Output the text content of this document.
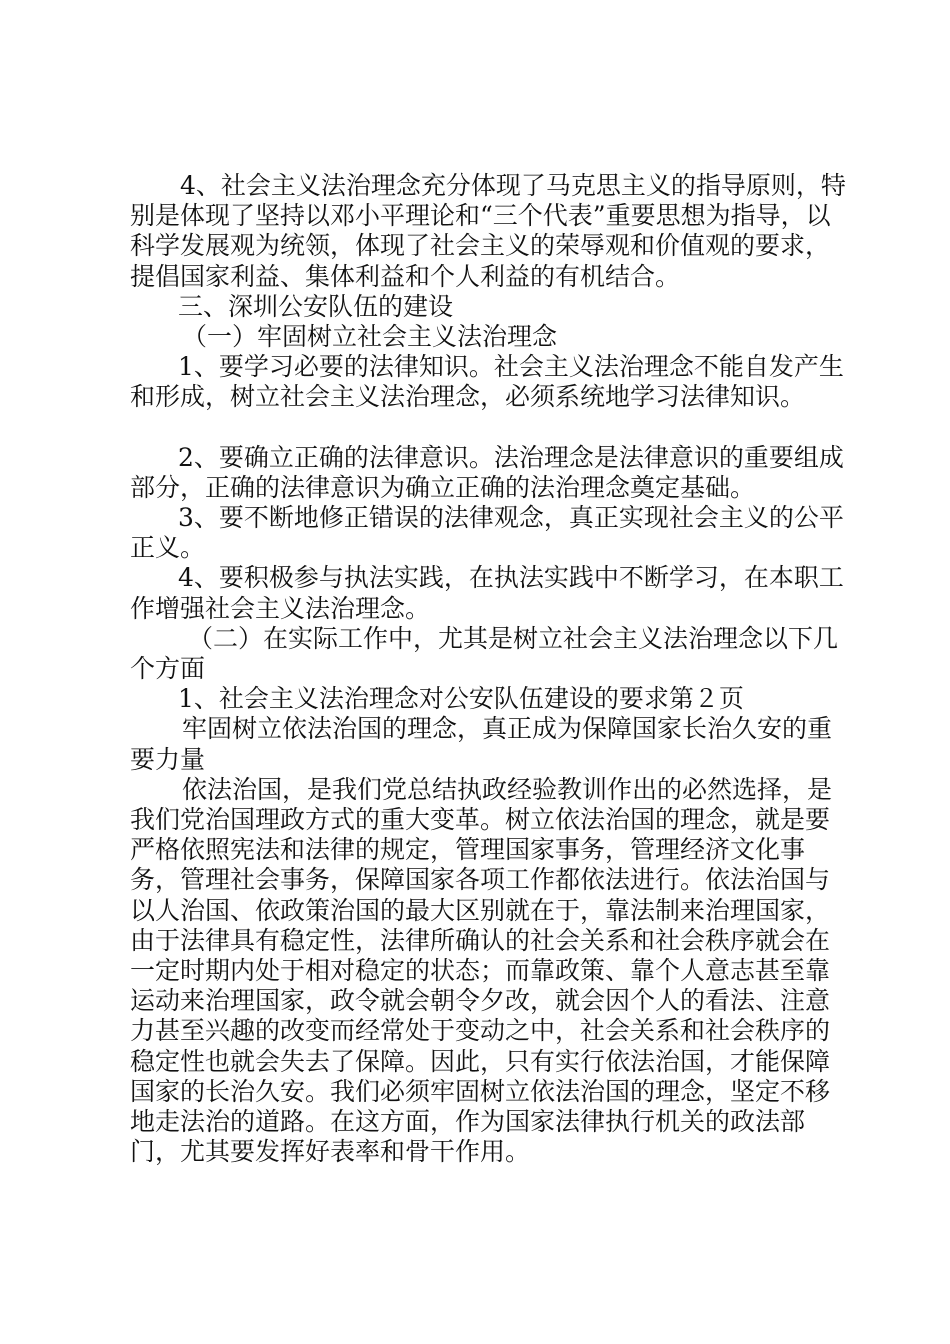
4、社会主义法治理念充分体现了马克思主义的指导原则，特别是体现了坚持以邓小平理论和“三个代表”重要思想为指导，以科学发展观为统领，体现了社会主义的荣辱观和价值观的要求，提倡国家利益、集体利益和个人利益的有机结合。

三、深圳公安队伍的建设

（一）牢固树立社会主义法治理念

1、要学习必要的法律知识。社会主义法治理念不能自发产生和形成，树立社会主义法治理念，必须系统地学习法律知识。

2、要确立正确的法律意识。法治理念是法律意识的重要组成部分，正确的法律意识为确立正确的法治理念奠定基础。

3、要不断地修正错误的法律观念，真正实现社会主义的公平正义。

4、要积极参与执法实践，在执法实践中不断学习，在本职工作增强社会主义法治理念。

（二）在实际工作中，尤其是树立社会主义法治理念以下几个方面

1、社会主义法治理念对公安队伍建设的要求第２页

牢固树立依法治国的理念，真正成为保障国家长治久安的重要力量

依法治国，是我们党总结执政经验教训作出的必然选择，是我们党治国理政方式的重大变革。树立依法治国的理念，就是要严格依照宪法和法律的规定，管理国家事务，管理经济文化事务，管理社会事务，保障国家各项工作都依法进行。依法治国与以人治国、依政策治国的最大区别就在于，靠法制来治理国家，由于法律具有稳定性，法律所确认的社会关系和社会秩序就会在一定时期内处于相对稳定的状态；而靠政策、靠个人意志甚至靠运动来治理国家，政令就会朝令夕改，就会因个人的看法、注意力甚至兴趣的改变而经常处于变动之中，社会关系和社会秩序的稳定性也就会失去了保障。因此，只有实行依法治国，才能保障国家的长治久安。我们必须牢固树立依法治国的理念，坚定不移地走法治的道路。在这方面，作为国家法律执行机关的政法部门，尤其要发挥好表率和骨干作用。
